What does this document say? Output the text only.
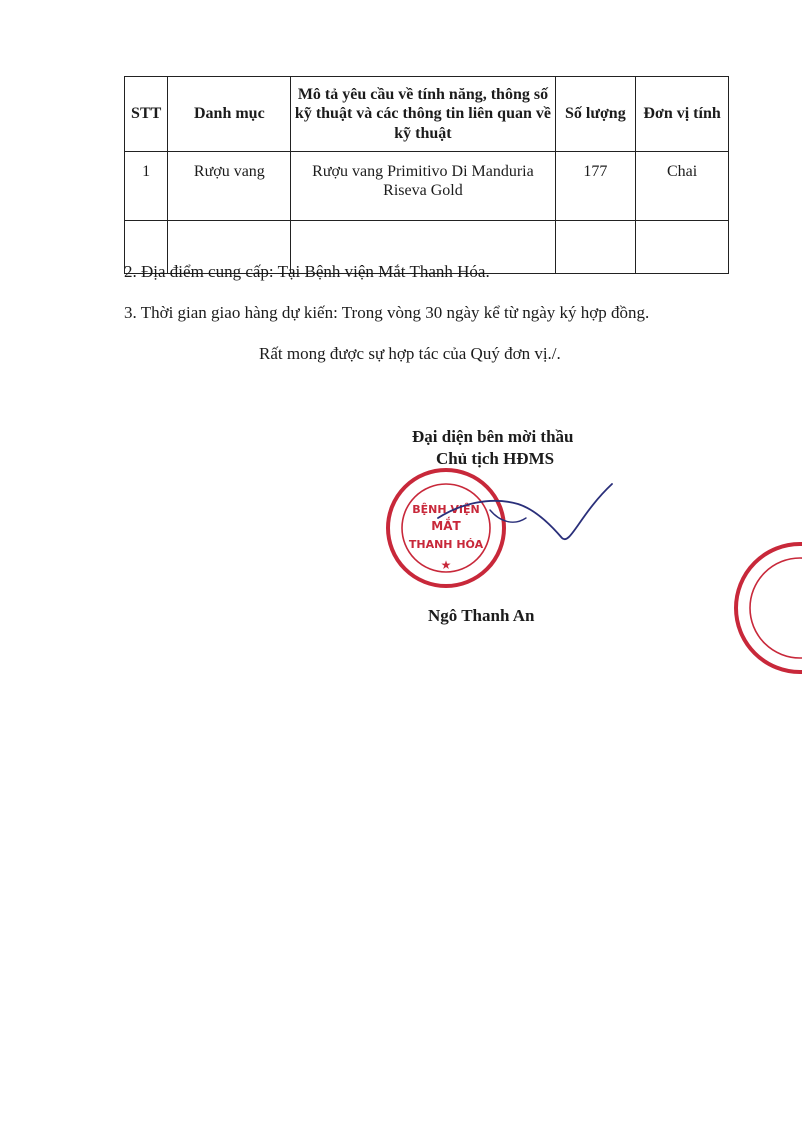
STT	Danh mục	Mô tả yêu cầu về tính năng, thông số kỹ thuật và các thông tin liên quan về kỹ thuật	Số lượng	Đơn vị tính
1	Rượu vang	Rượu vang Primitivo Di Manduria Riseva Gold	177	Chai

2. Địa điểm cung cấp: Tại Bệnh viện Mắt Thanh Hóa.
3. Thời gian giao hàng dự kiến: Trong vòng 30 ngày kể từ ngày ký hợp đồng.
Rất mong được sự hợp tác của Quý đơn vị./.
Đại diện bên mời thầu
Chủ tịch HĐMS
BỆNH VIỆN
MẮT
THANH HÓA
★
Ngô Thanh An
